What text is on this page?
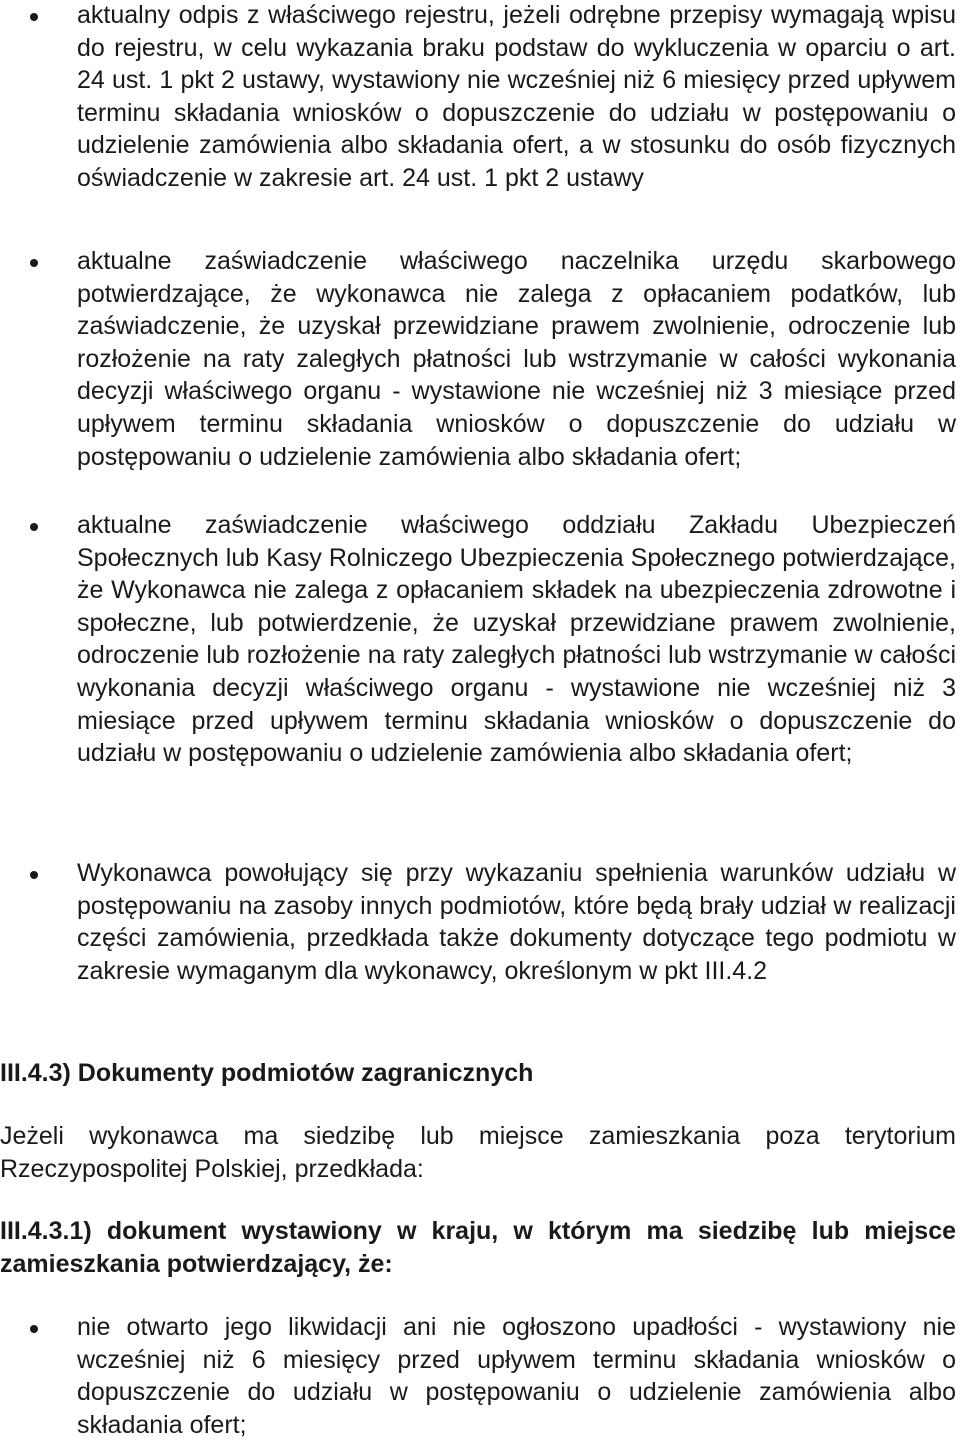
aktualny odpis z właściwego rejestru, jeżeli odrębne przepisy wymagają wpisu do rejestru, w celu wykazania braku podstaw do wykluczenia w oparciu o art. 24 ust. 1 pkt 2 ustawy, wystawiony nie wcześniej niż 6 miesięcy przed upływem terminu składania wniosków o dopuszczenie do udziału w postępowaniu o udzielenie zamówienia albo składania ofert, a w stosunku do osób fizycznych oświadczenie w zakresie art. 24 ust. 1 pkt 2 ustawy
aktualne zaświadczenie właściwego naczelnika urzędu skarbowego potwierdzające, że wykonawca nie zalega z opłacaniem podatków, lub zaświadczenie, że uzyskał przewidziane prawem zwolnienie, odroczenie lub rozłożenie na raty zaległych płatności lub wstrzymanie w całości wykonania decyzji właściwego organu - wystawione nie wcześniej niż 3 miesiące przed upływem terminu składania wniosków o dopuszczenie do udziału w postępowaniu o udzielenie zamówienia albo składania ofert;
aktualne zaświadczenie właściwego oddziału Zakładu Ubezpieczeń Społecznych lub Kasy Rolniczego Ubezpieczenia Społecznego potwierdzające, że Wykonawca nie zalega z opłacaniem składek na ubezpieczenia zdrowotne i społeczne, lub potwierdzenie, że uzyskał przewidziane prawem zwolnienie, odroczenie lub rozłożenie na raty zaległych płatności lub wstrzymanie w całości wykonania decyzji właściwego organu - wystawione nie wcześniej niż 3 miesiące przed upływem terminu składania wniosków o dopuszczenie do udziału w postępowaniu o udzielenie zamówienia albo składania ofert;
Wykonawca powołujący się przy wykazaniu spełnienia warunków udziału w postępowaniu na zasoby innych podmiotów, które będą brały udział w realizacji części zamówienia, przedkłada także dokumenty dotyczące tego podmiotu w zakresie wymaganym dla wykonawcy, określonym w pkt III.4.2
III.4.3) Dokumenty podmiotów zagranicznych
Jeżeli wykonawca ma siedzibę lub miejsce zamieszkania poza terytorium Rzeczypospolitej Polskiej, przedkłada:
III.4.3.1) dokument wystawiony w kraju, w którym ma siedzibę lub miejsce zamieszkania potwierdzający, że:
nie otwarto jego likwidacji ani nie ogłoszono upadłości - wystawiony nie wcześniej niż 6 miesięcy przed upływem terminu składania wniosków o dopuszczenie do udziału w postępowaniu o udzielenie zamówienia albo składania ofert;
